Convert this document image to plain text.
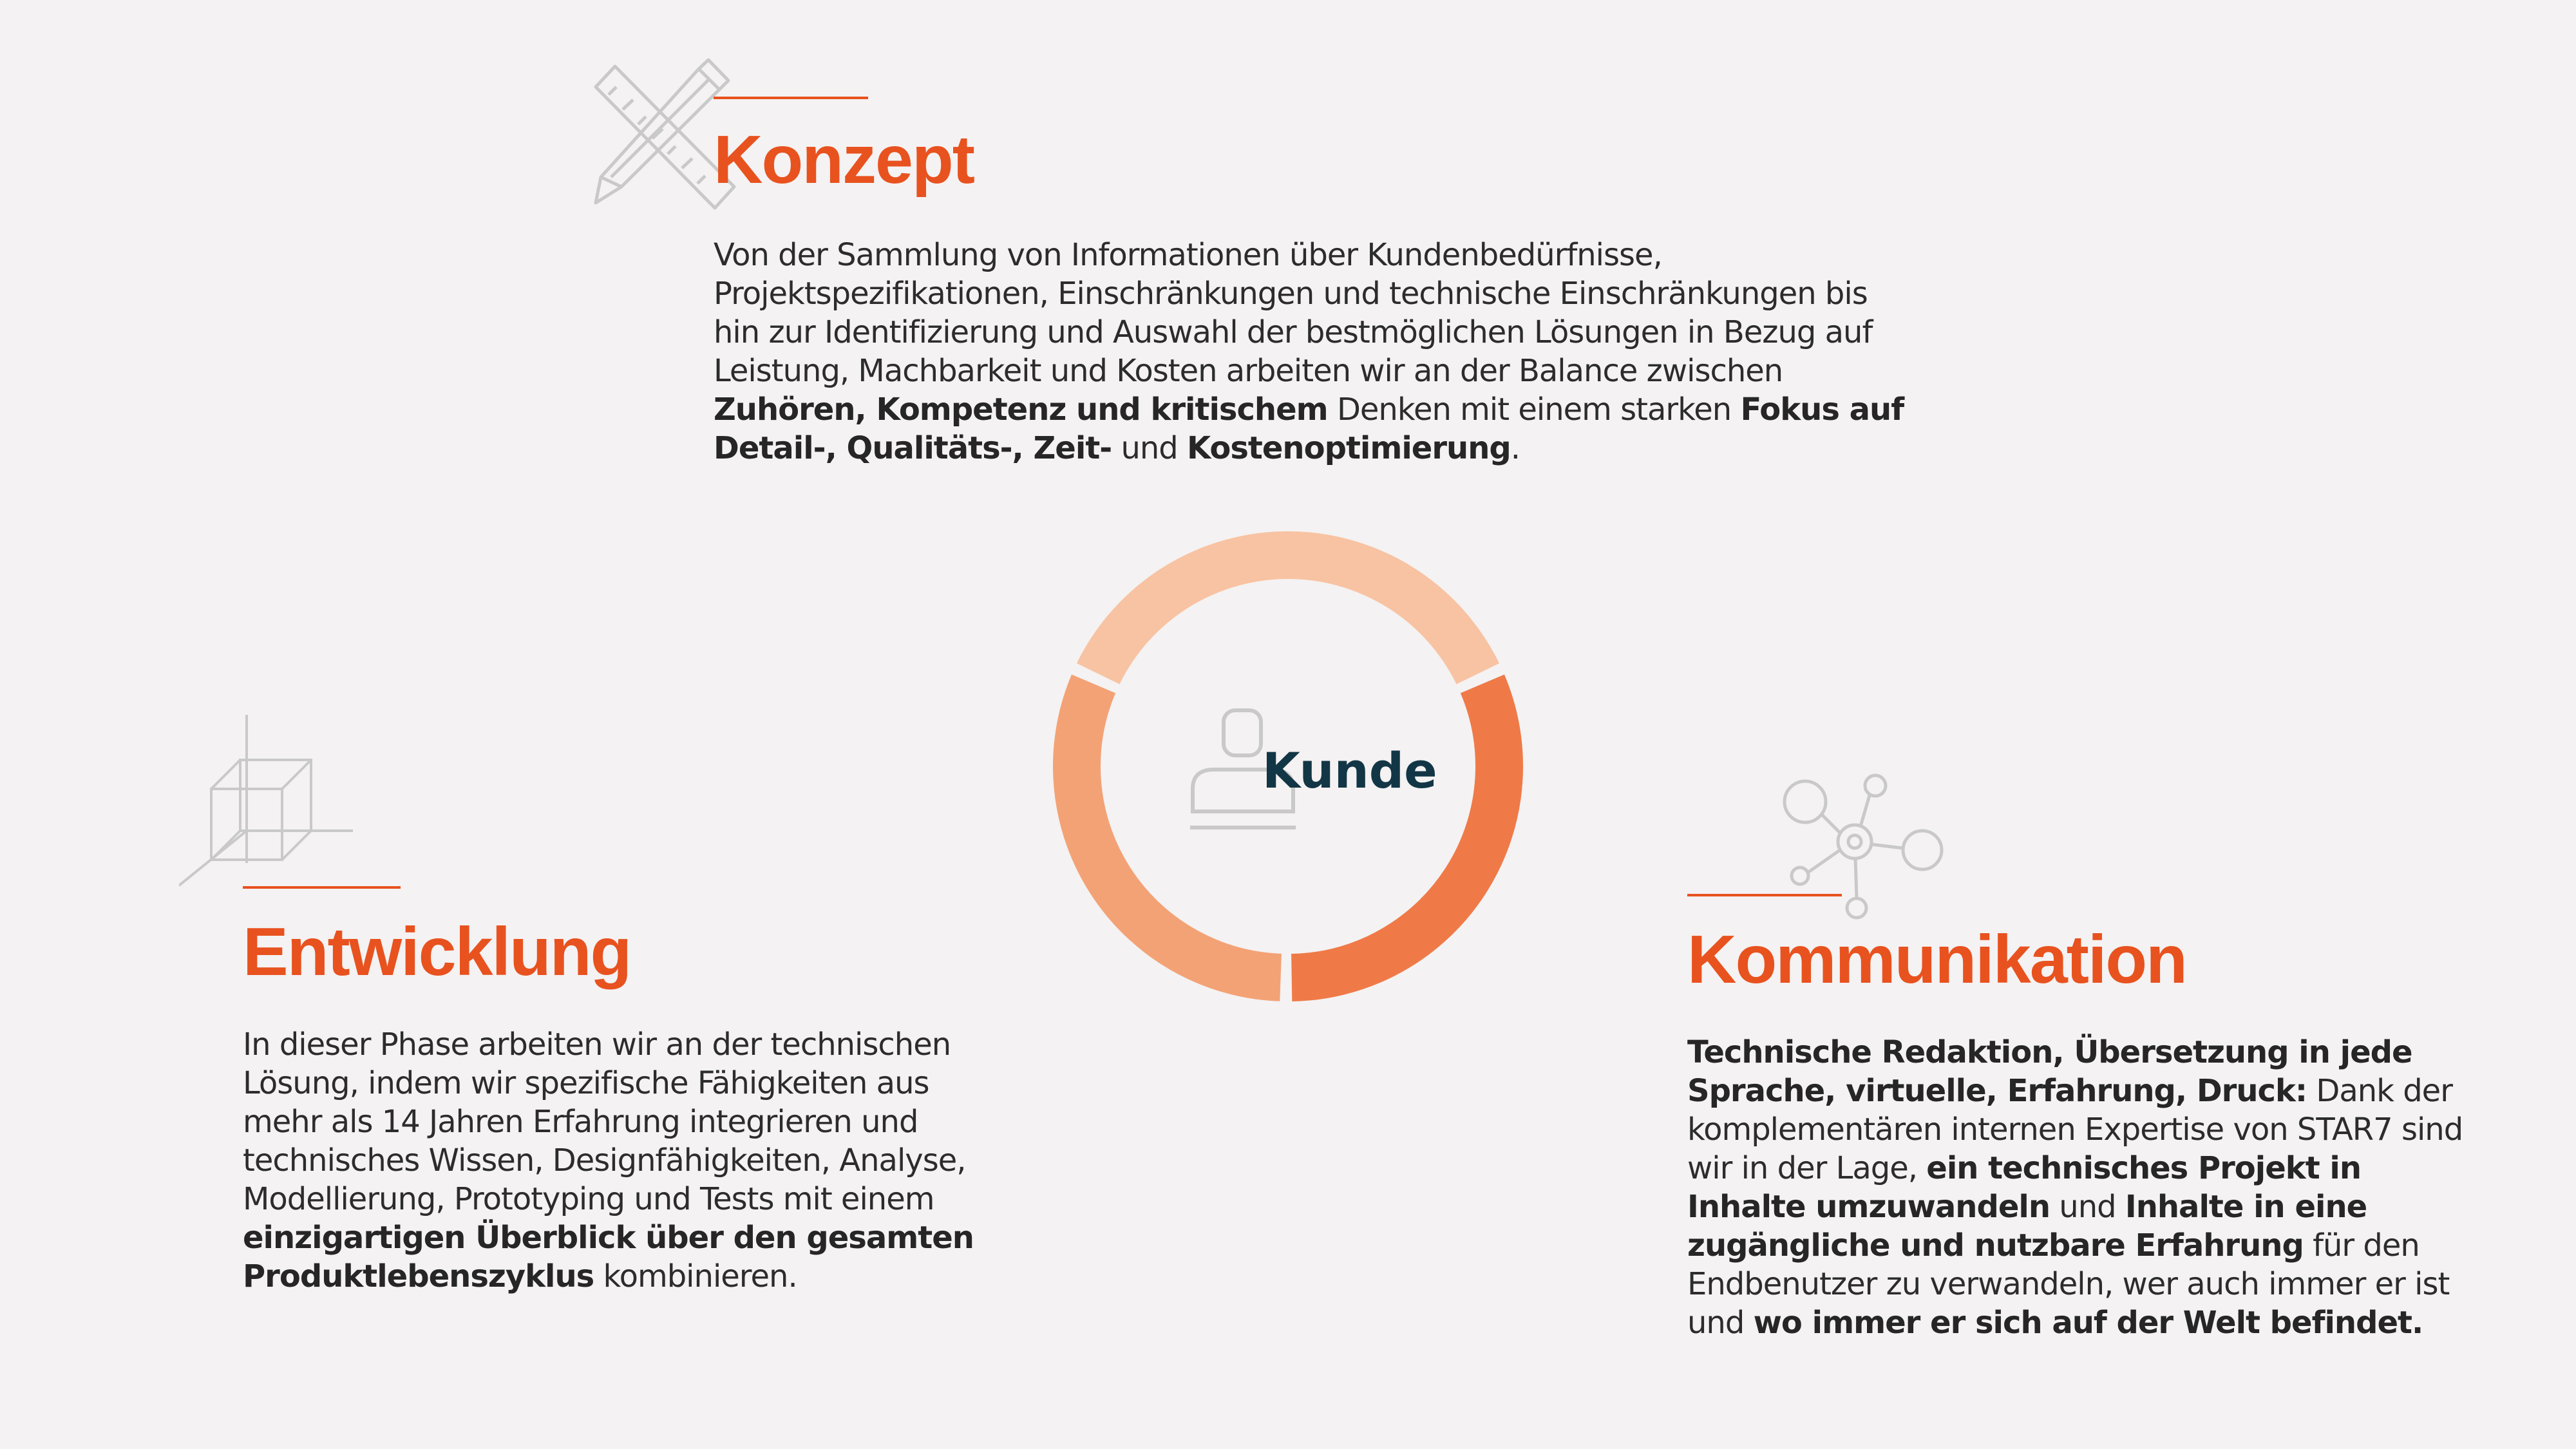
Konzept

Von der Sammlung von Informationen über Kundenbedürfnisse, Projektspezifikationen, Einschränkungen und technische Einschränkungen bis hin zur Identifizierung und Auswahl der bestmöglichen Lösungen in Bezug auf Leistung, Machbarkeit und Kosten arbeiten wir an der Balance zwischen Zuhören, Kompetenz und kritischem Denken mit einem starken Fokus auf Detail-, Qualitäts-, Zeit- und Kostenoptimierung.

Kunde
Entwicklung

In dieser Phase arbeiten wir an der technischen Lösung, indem wir spezifische Fähigkeiten aus mehr als 14 Jahren Erfahrung integrieren und technisches Wissen, Designfähigkeiten, Analyse, Modellierung, Prototyping und Tests mit einem einzigartigen Überblick über den gesamten Produktlebenszyklus kombinieren.

Kommunikation

Technische Redaktion, Übersetzung in jede Sprache, virtuelle, Erfahrung, Druck: Dank der komplementären internen Expertise von STAR7 sind wir in der Lage, ein technisches Projekt in Inhalte umzuwandeln und Inhalte in eine zugängliche und nutzbare Erfahrung für den Endbenutzer zu verwandeln, wer auch immer er ist und wo immer er sich auf der Welt befindet.
